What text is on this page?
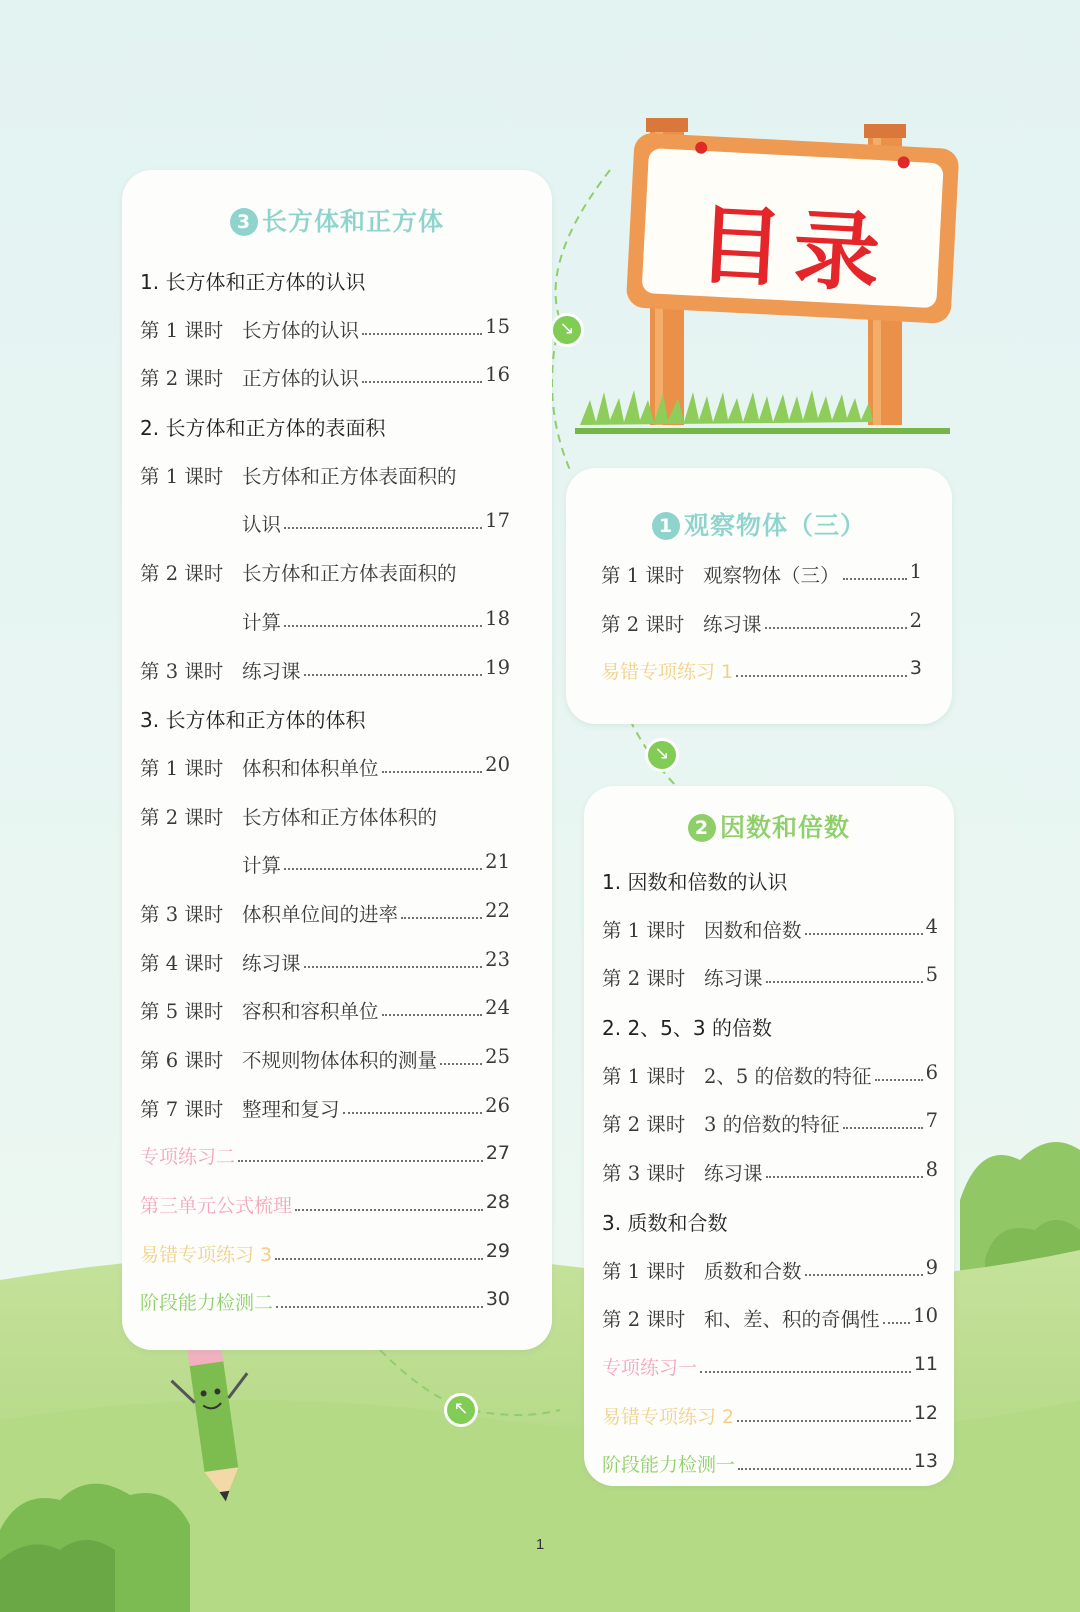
目录
↘
↘
↖
3 长方体和正方体
1. 长方体和正方体的认识
第 1 课时 长方体的认识	15
第 2 课时 正方体的认识	16
2. 长方体和正方体的表面积
第 1 课时 长方体和正方体表面积的
认识	17
第 2 课时 长方体和正方体表面积的
计算	18
第 3 课时 练习课	19
3. 长方体和正方体的体积
第 1 课时 体积和体积单位	20
第 2 课时 长方体和正方体体积的
计算	21
第 3 课时 体积单位间的进率	22
第 4 课时 练习课	23
第 5 课时 容积和容积单位	24
第 6 课时 不规则物体体积的测量 25
第 7 课时 整理和复习	26
专项练习二	27
第三单元公式梳理	28
易错专项练习 3	29
阶段能力检测二	30
1 观察物体（三）
第 1 课时 观察物体（三）	1
第 2 课时 练习课	2
易错专项练习 1	3
2 因数和倍数
1. 因数和倍数的认识
第 1 课时 因数和倍数	4
第 2 课时 练习课	5
2. 2、5、3 的倍数
第 1 课时 2、5 的倍数的特征	6
第 2 课时 3 的倍数的特征	7
第 3 课时 练习课	8
3. 质数和合数
第 1 课时 质数和合数	9
第 2 课时 和、差、积的奇偶性 10
专项练习一	11
易错专项练习 2	12
阶段能力检测一	13
1
